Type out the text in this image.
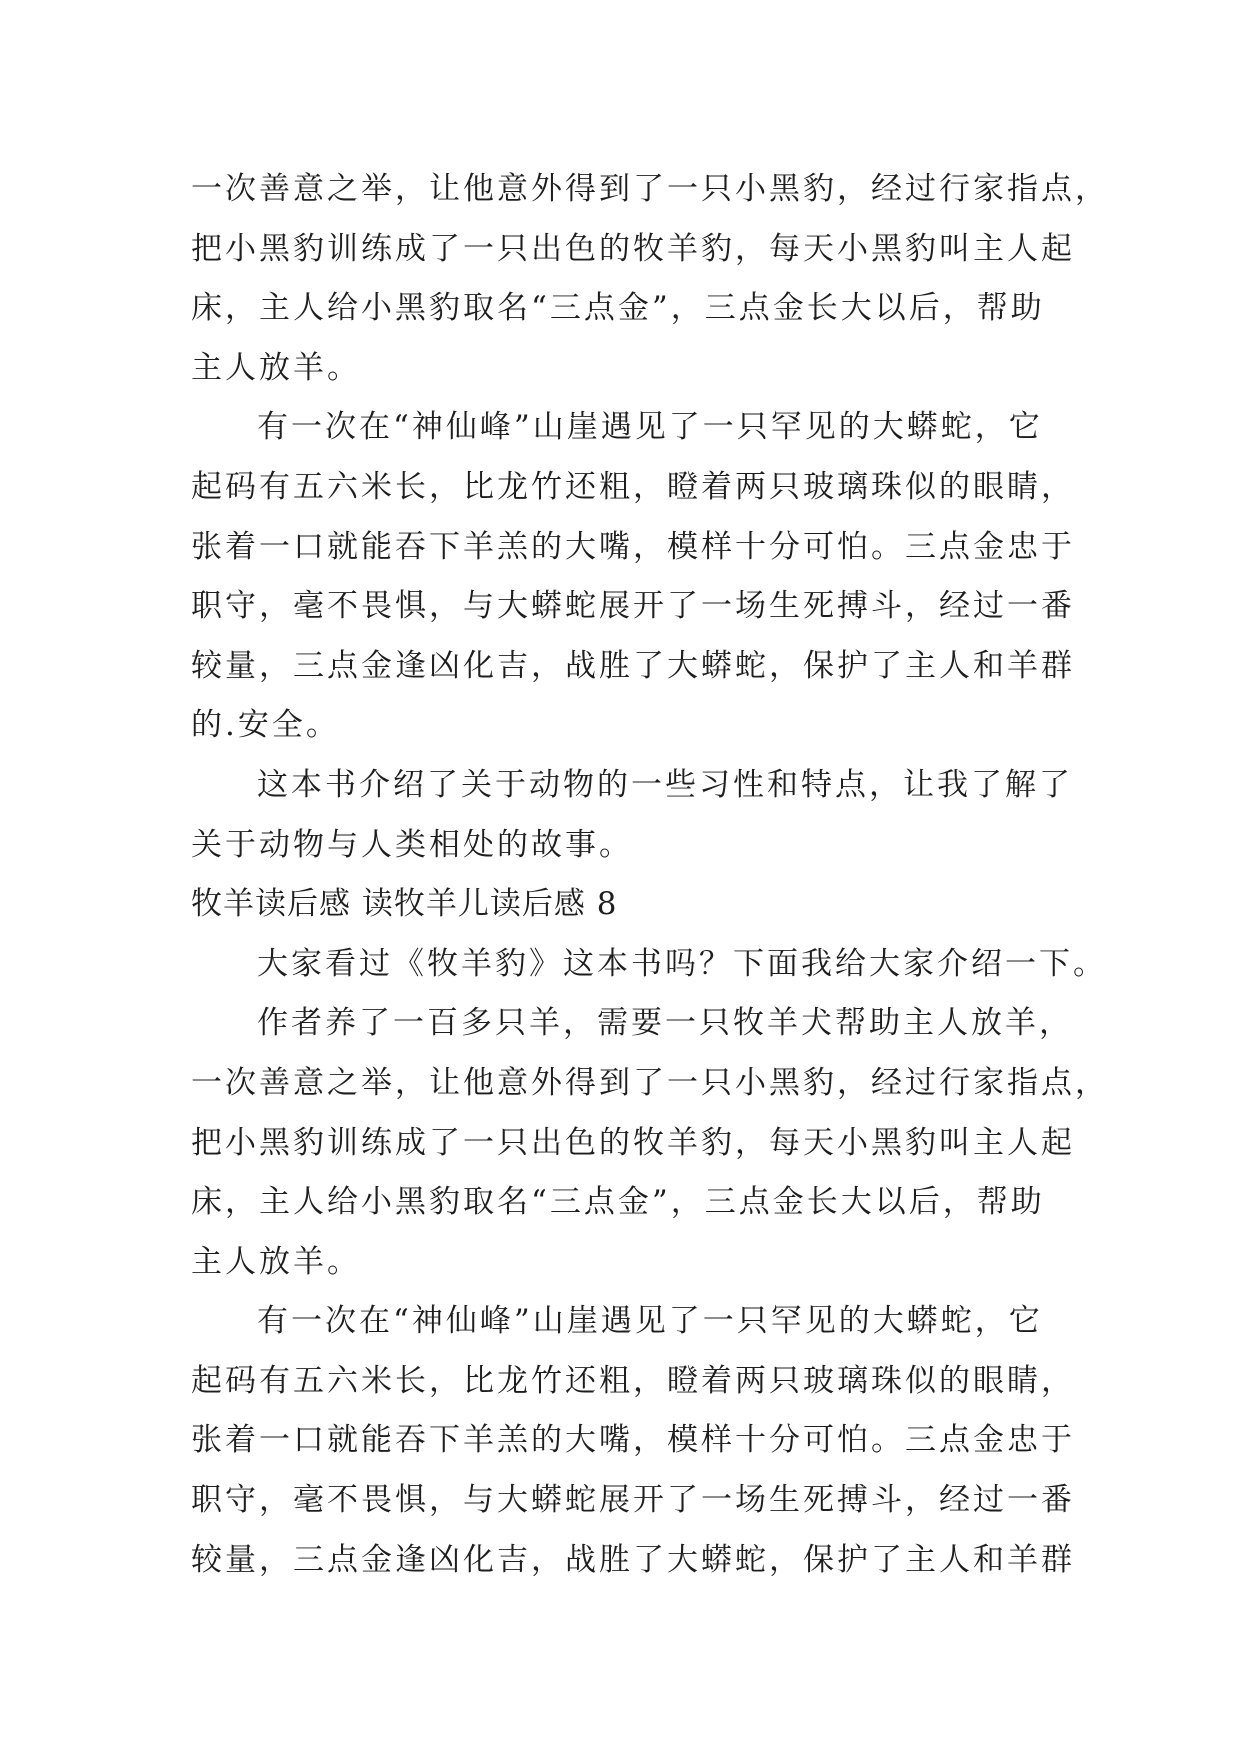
一次善意之举，让他意外得到了一只小黑豹，经过行家指点，
把小黑豹训练成了一只出色的牧羊豹，每天小黑豹叫主人起
床，主人给小黑豹取名“三点金”，三点金长大以后，帮助
主人放羊。
有一次在“神仙峰”山崖遇见了一只罕见的大蟒蛇，它
起码有五六米长，比龙竹还粗，瞪着两只玻璃珠似的眼睛，
张着一口就能吞下羊羔的大嘴，模样十分可怕。三点金忠于
职守，毫不畏惧，与大蟒蛇展开了一场生死搏斗，经过一番
较量，三点金逢凶化吉，战胜了大蟒蛇，保护了主人和羊群
的.安全。
这本书介绍了关于动物的一些习性和特点，让我了解了
关于动物与人类相处的故事。
牧羊读后感 读牧羊儿读后感 8
大家看过《牧羊豹》这本书吗？下面我给大家介绍一下。
作者养了一百多只羊，需要一只牧羊犬帮助主人放羊，
一次善意之举，让他意外得到了一只小黑豹，经过行家指点，
把小黑豹训练成了一只出色的牧羊豹，每天小黑豹叫主人起
床，主人给小黑豹取名“三点金”，三点金长大以后，帮助
主人放羊。
有一次在“神仙峰”山崖遇见了一只罕见的大蟒蛇，它
起码有五六米长，比龙竹还粗，瞪着两只玻璃珠似的眼睛，
张着一口就能吞下羊羔的大嘴，模样十分可怕。三点金忠于
职守，毫不畏惧，与大蟒蛇展开了一场生死搏斗，经过一番
较量，三点金逢凶化吉，战胜了大蟒蛇，保护了主人和羊群
